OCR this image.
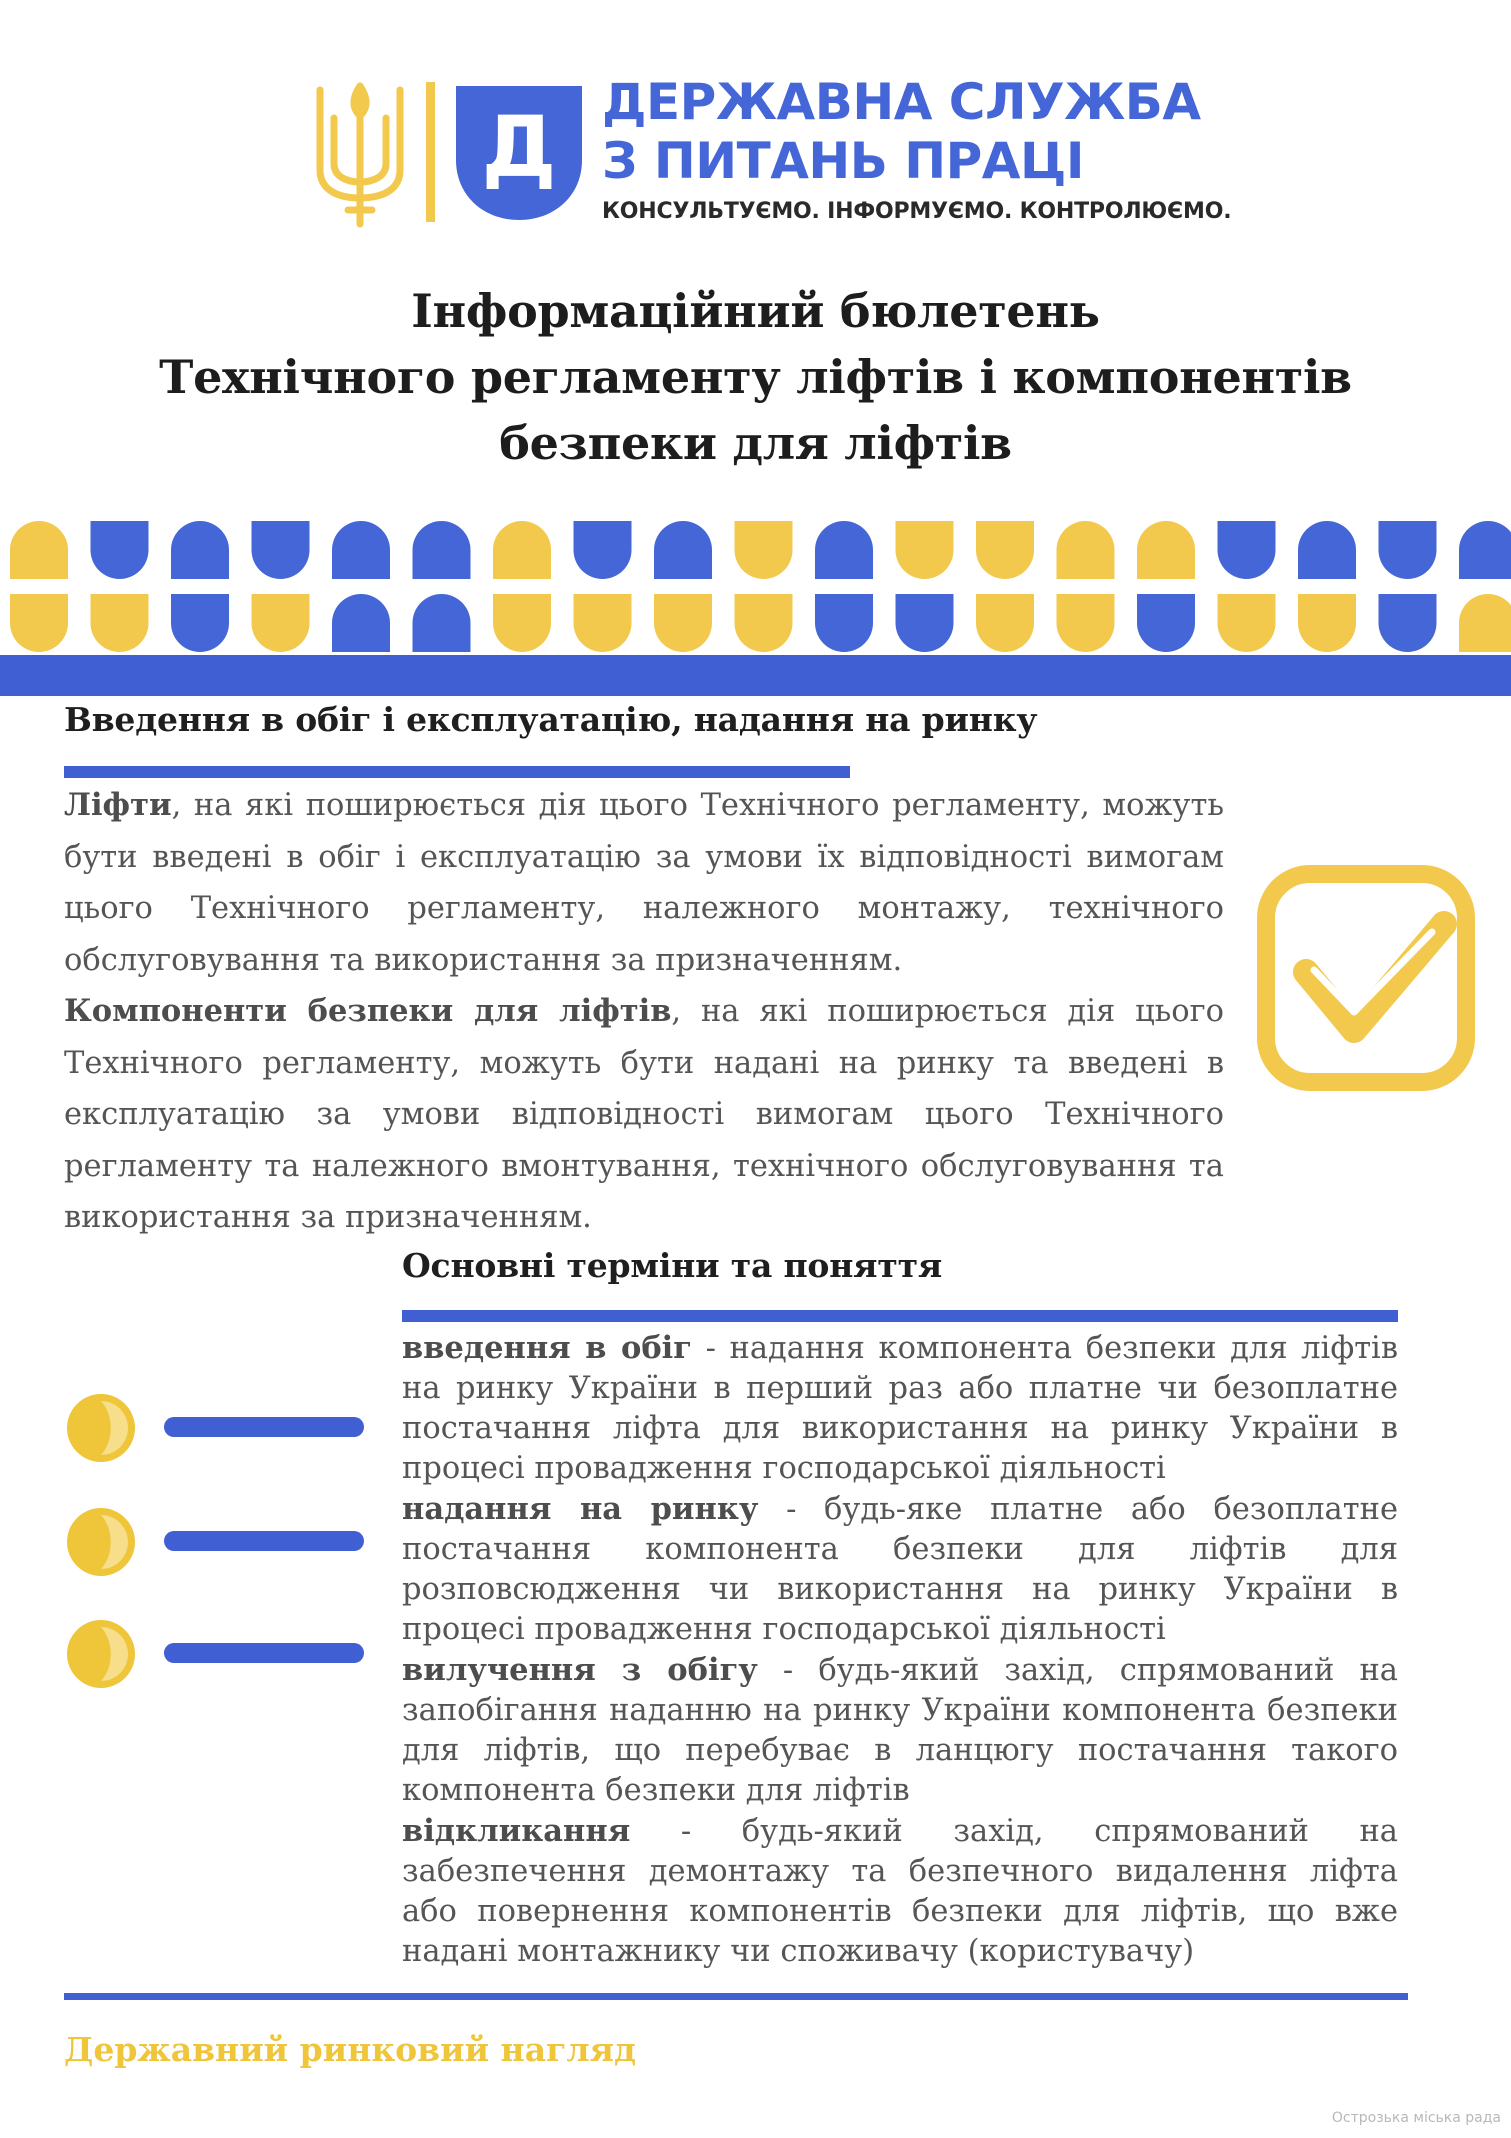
Д ДЕРЖАВНА СЛУЖБА
З ПИТАНЬ ПРАЦІ
КОНСУЛЬТУЄМО. ІНФОРМУЄМО. КОНТРОЛЮЄМО.
Інформаційний бюлетень
Технічного регламенту ліфтів і компонентів
безпеки для ліфтів
Введення в обіг і експлуатацію, надання на ринку

Ліфти, на які поширюється дія цього Технічного регламенту, можуть бути введені в обіг і експлуатацію за умови їх відповідності вимогам цього Технічного регламенту, належного монтажу, технічного обслуговування та використання за призначенням.

Компоненти безпеки для ліфтів, на які поширюється дія цього Технічного регламенту, можуть бути надані на ринку та введені в експлуатацію за умови відповідності вимогам цього Технічного регламенту та належного вмонтування, технічного обслуговування та використання за призначенням.

Основні терміни та поняття

введення в обіг - надання компонента безпеки для ліфтів на ринку України в перший раз або платне чи безоплатне постачання ліфта для використання на ринку України в процесі провадження господарської діяльності

надання на ринку - будь-яке платне або безоплатне постачання компонента безпеки для ліфтів для розповсюдження чи використання на ринку України в процесі провадження господарської діяльності

вилучення з обігу - будь-який захід, спрямований на запобігання наданню на ринку України компонента безпеки для ліфтів, що перебуває в ланцюгу постачання такого компонента безпеки для ліфтів

відкликання - будь-який захід, спрямований на забезпечення демонтажу та безпечного видалення ліфта або повернення компонентів безпеки для ліфтів, що вже надані монтажнику чи споживачу (користувачу)

Державний ринковий нагляд
Острозька міська рада
